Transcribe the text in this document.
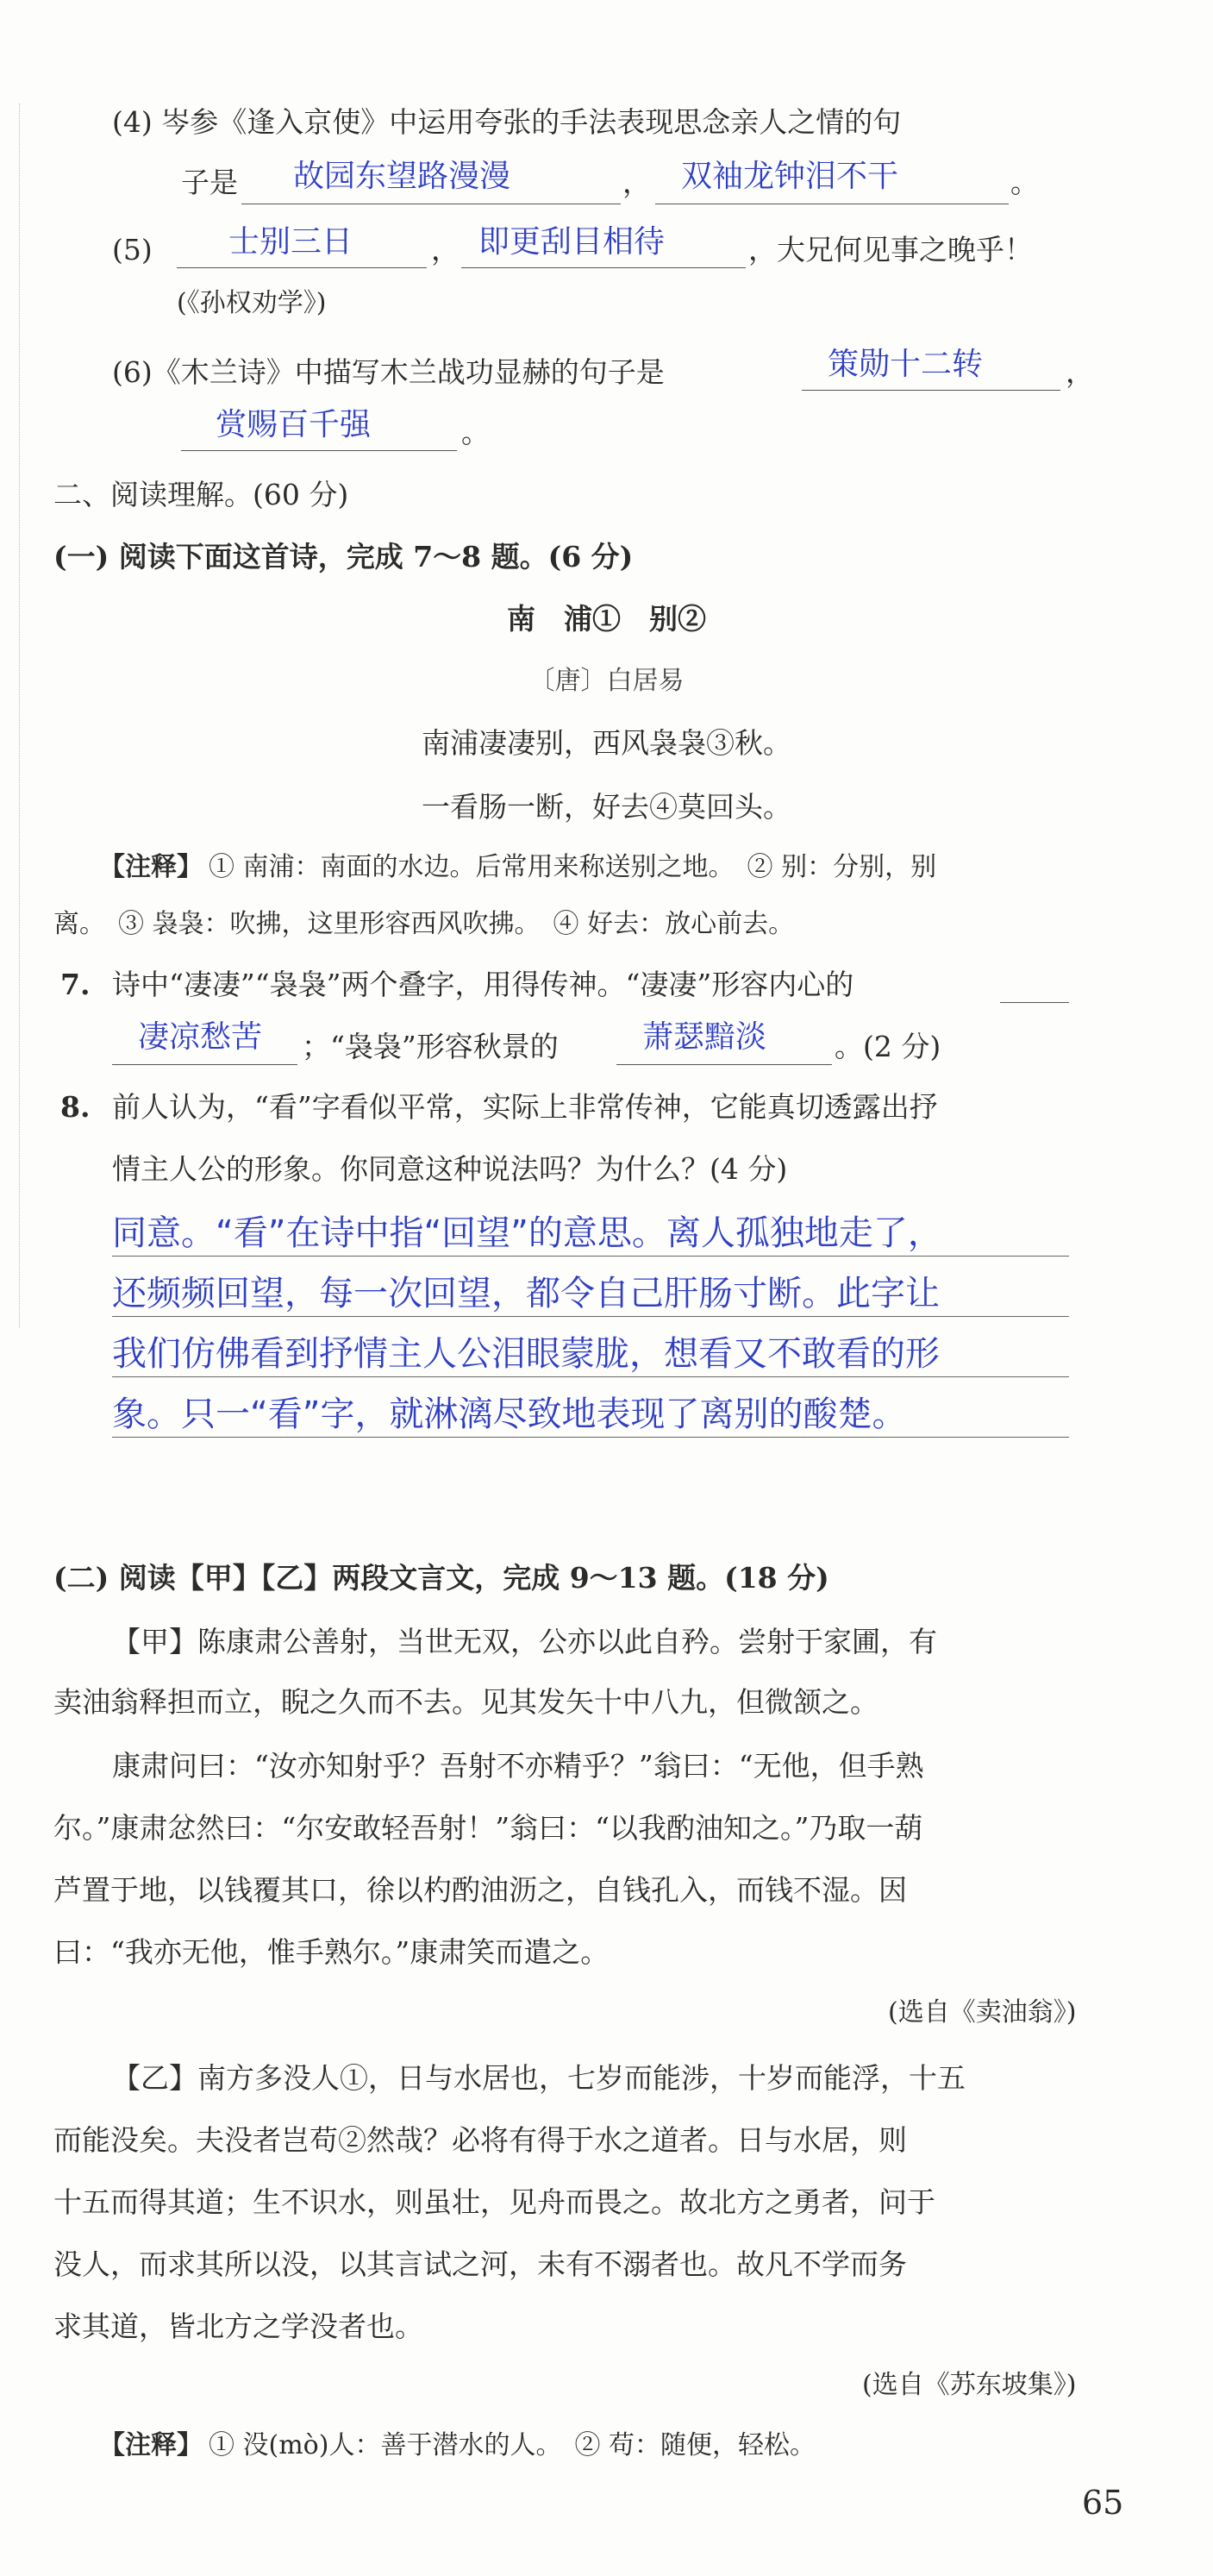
(4) 岑参《逢入京使》中运用夸张的手法表现思念亲人之情的句
子是 故园东望路漫漫	， 双袖龙钟泪不干	。
(5) 士别三日	， 即更刮目相待	，大兄何见事之晚乎！
(《孙权劝学》)
(6)《木兰诗》中描写木兰战功显赫的句子是	策勋十二转	，
赏赐百千强	。
二、阅读理解。(60 分)
(一) 阅读下面这首诗，完成 7～8 题。(6 分)
南　浦①　别②
〔唐〕白居易
南浦凄凄别，西风袅袅③秋。
一看肠一断，好去④莫回头。
【注释】 ① 南浦：南面的水边。后常用来称送别之地。　② 别：分别，别
离。　③ 袅袅：吹拂，这里形容西风吹拂。　④ 好去：放心前去。
7. 诗中“凄凄”“袅袅”两个叠字，用得传神。“凄凄”形容内心的
凄凉愁苦 ；“袅袅”形容秋景的	萧瑟黯淡 。(2 分)
8. 前人认为，“看”字看似平常，实际上非常传神，它能真切透露出抒
情主人公的形象。你同意这种说法吗？为什么？(4 分)
同意。“看”在诗中指“回望”的意思。离人孤独地走了，
还频频回望，每一次回望，都令自己肝肠寸断。此字让
我们仿佛看到抒情主人公泪眼蒙胧，想看又不敢看的形
象。只一“看”字，就淋漓尽致地表现了离别的酸楚。
(二) 阅读【甲】【乙】两段文言文，完成 9～13 题。(18 分)
【甲】陈康肃公善射，当世无双，公亦以此自矜。尝射于家圃，有
卖油翁释担而立，睨之久而不去。见其发矢十中八九，但微颔之。
康肃问曰：“汝亦知射乎？吾射不亦精乎？”翁曰：“无他，但手熟
尔。”康肃忿然曰：“尔安敢轻吾射！”翁曰：“以我酌油知之。”乃取一葫
芦置于地，以钱覆其口，徐以杓酌油沥之，自钱孔入，而钱不湿。因
曰：“我亦无他，惟手熟尔。”康肃笑而遣之。
(选自《卖油翁》)
【乙】南方多没人①，日与水居也，七岁而能涉，十岁而能浮，十五
而能没矣。夫没者岂苟②然哉？必将有得于水之道者。日与水居，则
十五而得其道；生不识水，则虽壮，见舟而畏之。故北方之勇者，问于
没人，而求其所以没，以其言试之河，未有不溺者也。故凡不学而务
求其道，皆北方之学没者也。
(选自《苏东坡集》)
【注释】 ① 没(mò)人：善于潜水的人。　② 苟：随便，轻松。
65
